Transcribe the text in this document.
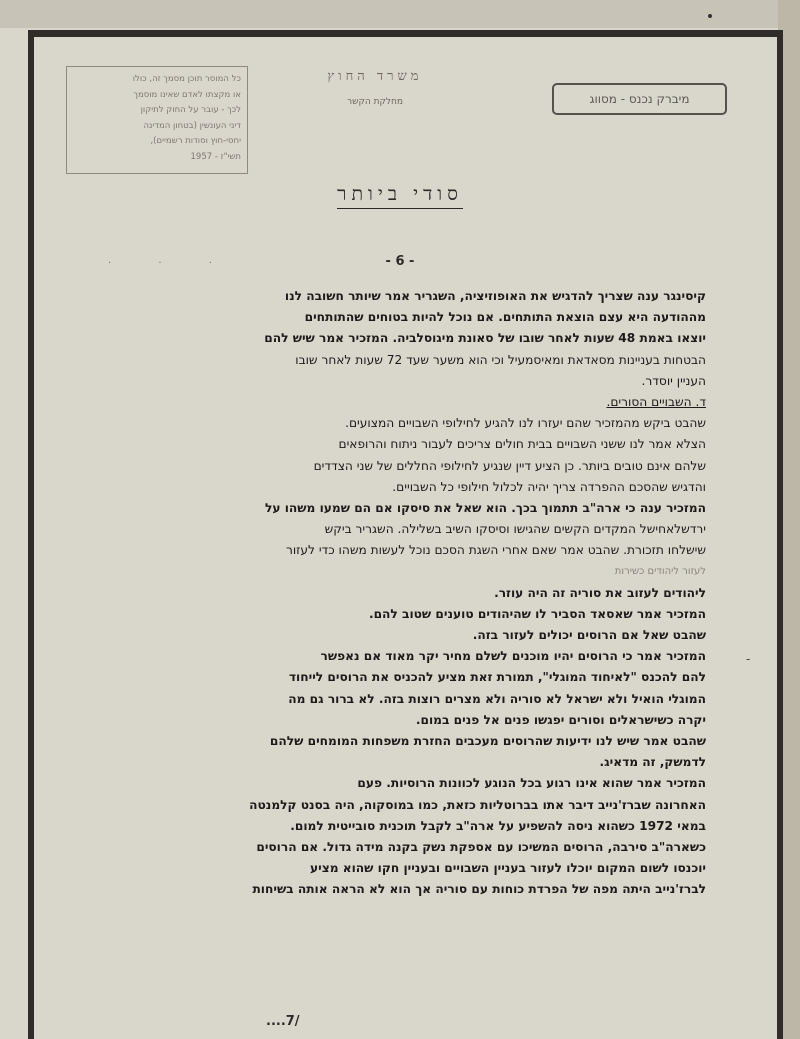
כל המוסר תוכן מסמך זה, כולו
או מקצתו לאדם שאינו מוסמך
לכך - עובר על החוק לתיקון
דיני העונשין (בטחון המדינה
יחסי-חוץ וסודות רשמיים),
תשי"ז - 1957
משרד החוץ
מחלקת הקשר	מיברק נכנס - מסווג
סודי ביותר
· · ·	- 6 -
קיסינגר ענה שצריך להדגיש את האופוזיציה, השגריר אמר שיותר חשובה לנו
מההודעה היא עצם הוצאת התותחים. אם נוכל להיות בטוחים שהתותחים
יוצאו באמת 48 שעות לאחר שובו של סאונת מיגוסלביה. המזכיר אמר שיש להם
הבטחות בעניינות מסאדאת ומאיסמעיל וכי הוא משער שעד 72 שעות לאחר שובו
העניין יוסדר.
ד. השבויים הסורים.
שהבט ביקש מהמזכיר שהם יעזרו לנו להגיע לחילופי השבויים המצועים.
הצלא אמר לנו ששני השבויים בבית חולים צריכים לעבור ניתוח והרופאים
שלהם אינם טובים ביותר. כן הציע דיין שנגיע לחילופי החללים של שני הצדדים
והדגיש שהסכם ההפרדה צריך יהיה לכלול חילופי כל השבויים.
המזכיר ענה כי ארה"ב תתמוך בכך. הוא שאל את סיסקו אם הם שמעו משהו על
ירדשלאחישל המקדים הקשים שהגישו וסיסקו השיב בשלילה. השגריר ביקש
שישלחו תזכורת. שהבט אמר שאם אחרי השגת הסכם נוכל לעשות משהו כדי לעזור
לעזור ליהודים כשירות
ליהודים לעזוב את סוריה זה היה עוזר.
המזכיר אמר שאסאד הסביר לו שהיהודים טוענים שטוב להם.
שהבט שאל אם הרוסים יכולים לעזור בזה.
המזכיר אמר כי הרוסים יהיו מוכנים לשלם מחיר יקר מאוד אם נאפשר
להם להכנס "לאיחוד המוגלי", תמורת זאת מציע להכניס את הרוסים לייחוד
המוגלי הואיל ולא ישראל לא סוריה ולא מצרים רוצות בזה. לא ברור גם מה
יקרה כשישראלים וסורים יפגשו פנים אל פנים במום.
שהבט אמר שיש לנו ידיעות שהרוסים מעכבים החזרת משפחות המומחים שלהם
לדמשק, זה מדאיג.
המזכיר אמר שהוא אינו רגוע בכל הנוגע לכוונות הרוסיות. פעם
האחרונה שברז'נייב דיבר אתו בברוטליות כזאת, כמו במוסקוה, היה בסנט קלמנטה
במאי 1972 כשהוא ניסה להשפיע על ארה"ב לקבל תוכנית סובייטית למום.
כשארה"ב סירבה, הרוסים המשיכו עם אספקת נשק בקנה מידה גדול. אם הרוסים
יוכנסו לשום המקום יוכלו לעזור בעניין השבויים ובעניין חקו שהוא מציע
לברז'נייב היתה מפה של הפרדת כוחות עם סוריה אך הוא לא הראה אותה בשיחות
‑
....7/
